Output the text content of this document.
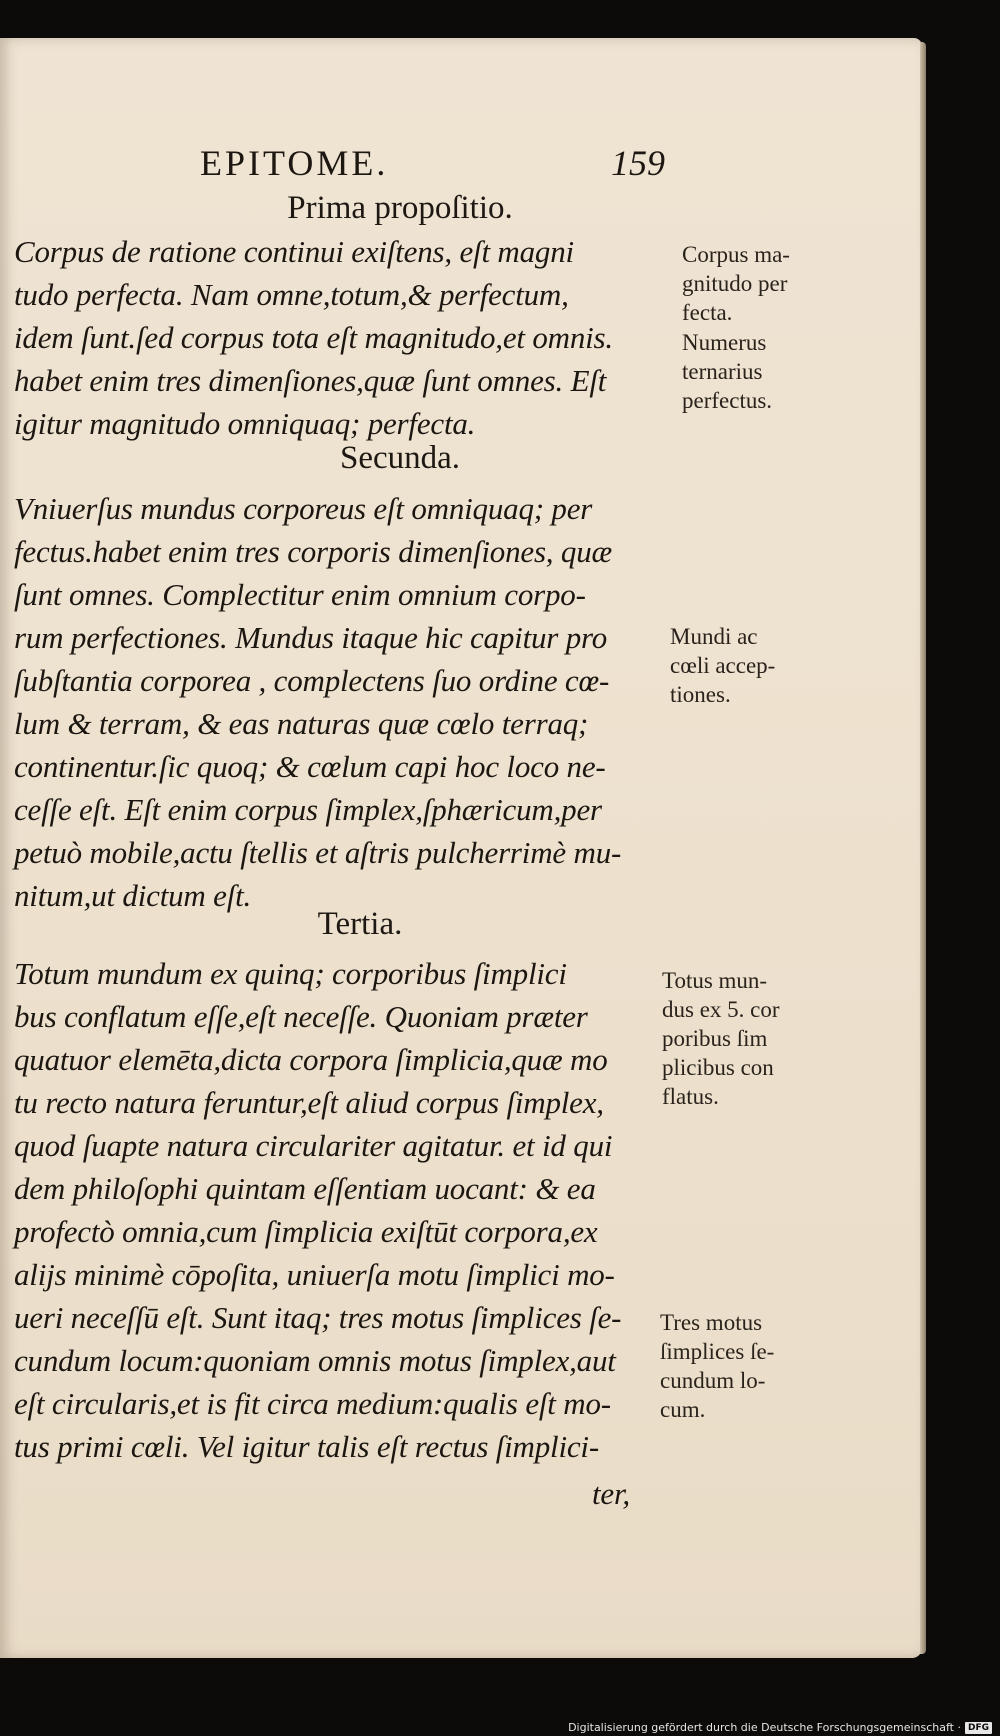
EPITOME.	159
Prima propoſitio.
Corpus de ratione continui exiſtens, eſt magni
tudo perfecta. Nam omne,totum,& perfectum,
idem ſunt.ſed corpus tota eſt magnitudo,et omnis.
habet enim tres dimenſiones,quæ ſunt omnes. Eſt
igitur magnitudo omniquaq; perfecta.
Secunda.
Vniuerſus mundus corporeus eſt omniquaq; per
fectus.habet enim tres corporis dimenſiones, quæ
ſunt omnes. Complectitur enim omnium corpo-
rum perfectiones. Mundus itaque hic capitur pro
ſubſtantia corporea , complectens ſuo ordine cœ-
lum & terram, & eas naturas quæ cœlo terraq;
continentur.ſic quoq; & cœlum capi hoc loco ne-
ceſſe eſt. Eſt enim corpus ſimplex,ſphæricum,per
petuò mobile,actu ſtellis et aſtris pulcherrimè mu-
nitum,ut dictum eſt.
Tertia.
Totum mundum ex quinq; corporibus ſimplici
bus conflatum eſſe,eſt neceſſe. Quoniam præter
quatuor elemēta,dicta corpora ſimplicia,quæ mo
tu recto natura feruntur,eſt aliud corpus ſimplex,
quod ſuapte natura circulariter agitatur. et id qui
dem philoſophi quintam eſſentiam uocant: & ea
profectò omnia,cum ſimplicia exiſtūt corpora,ex
alijs minimè cōpoſita, uniuerſa motu ſimplici mo-
ueri neceſſū eſt. Sunt itaq; tres motus ſimplices ſe-
cundum locum:quoniam omnis motus ſimplex,aut
eſt circularis,et is fit circa medium:qualis eſt mo-
tus primi cœli. Vel igitur talis eſt rectus ſimplici-
ter,
Corpus ma-
gnitudo per
fecta.
Numerus
ternarius
perfectus.
Mundi ac
cœli accep-
tiones.
Totus mun-
dus ex 5. cor
poribus ſim
plicibus con
flatus.
Tres motus
ſimplices ſe-
cundum lo-
cum.
Digitalisierung gefördert durch die Deutsche Forschungsgemeinschaft · DFG
